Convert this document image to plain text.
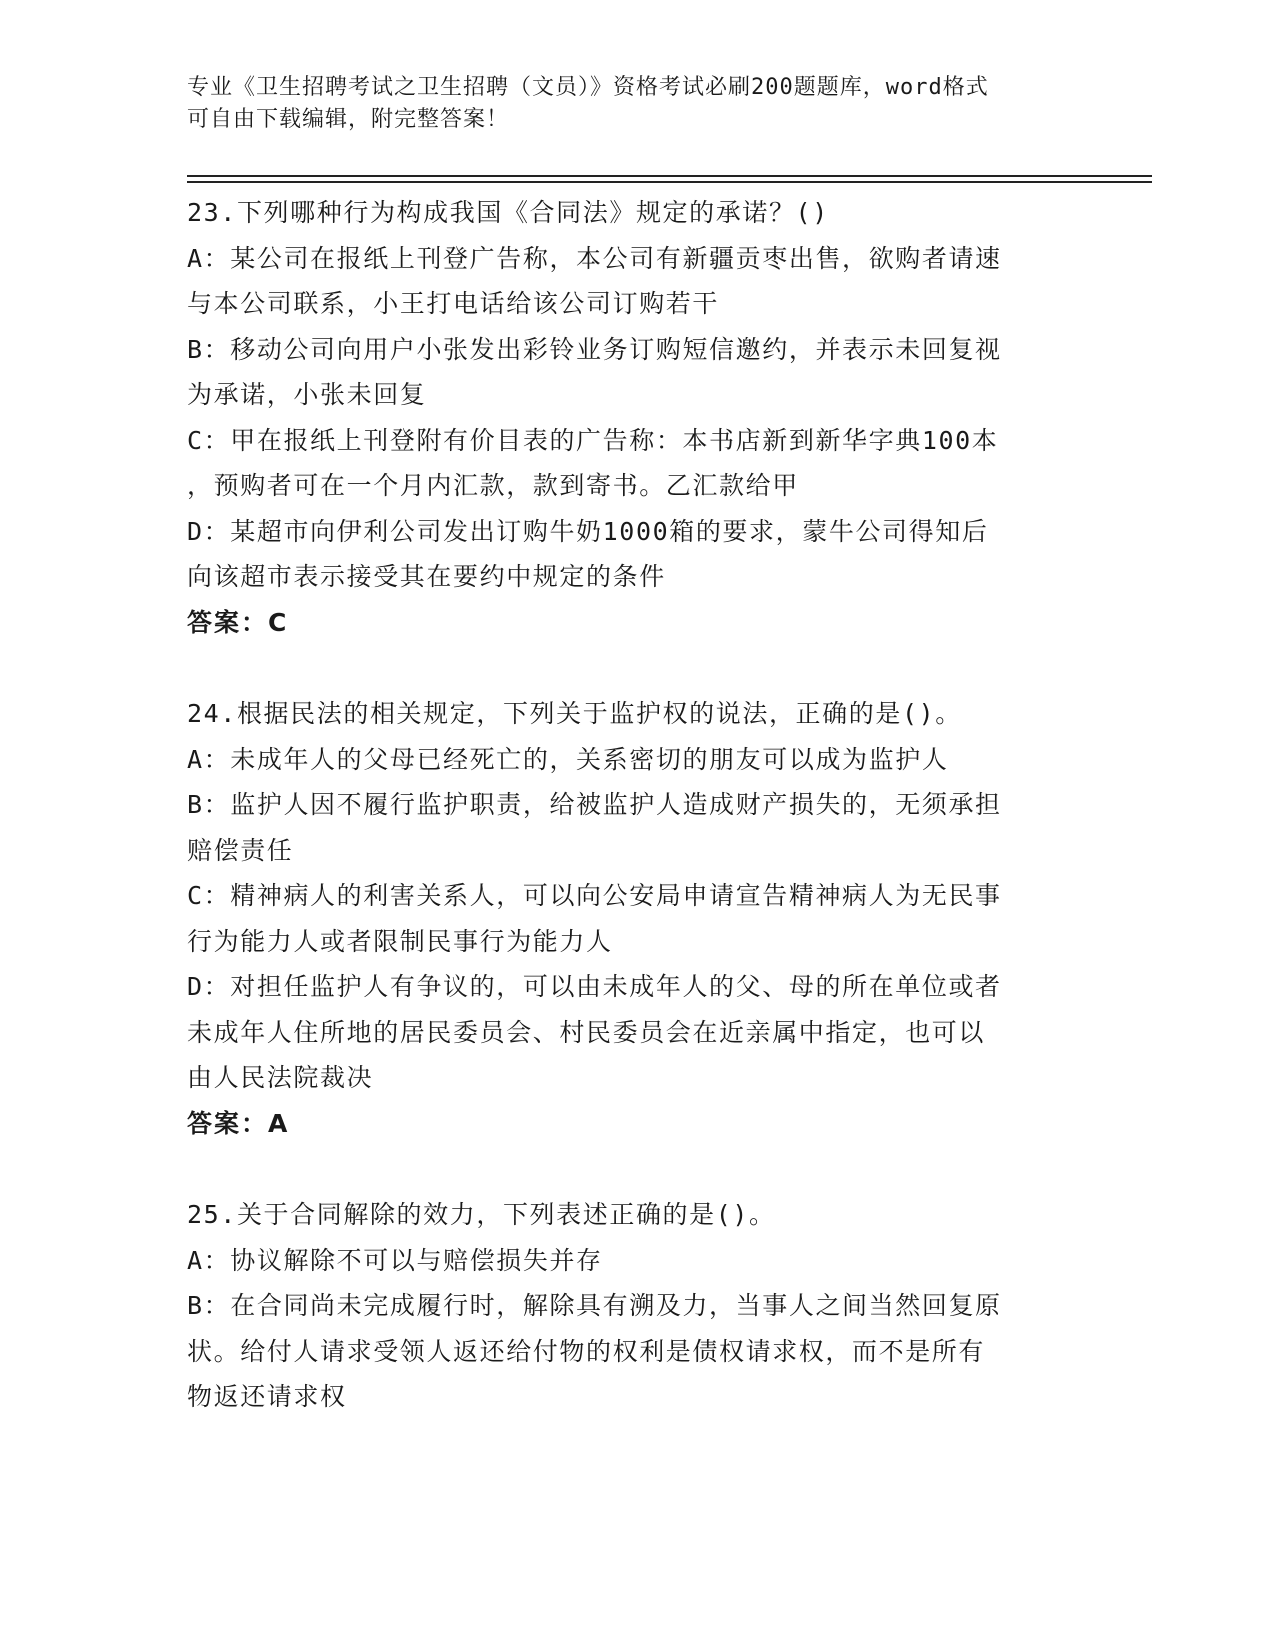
专业《卫生招聘考试之卫生招聘（文员）》资格考试必刷200题题库，word格式
可自由下载编辑，附完整答案！
23.下列哪种行为构成我国《合同法》规定的承诺？()
A：某公司在报纸上刊登广告称，本公司有新疆贡枣出售，欲购者请速
与本公司联系，小王打电话给该公司订购若干
B：移动公司向用户小张发出彩铃业务订购短信邀约，并表示未回复视
为承诺，小张未回复
C：甲在报纸上刊登附有价目表的广告称：本书店新到新华字典100本
，预购者可在一个月内汇款，款到寄书。乙汇款给甲
D：某超市向伊利公司发出订购牛奶1000箱的要求，蒙牛公司得知后
向该超市表示接受其在要约中规定的条件
答案：C
24.根据民法的相关规定，下列关于监护权的说法，正确的是()。
A：未成年人的父母已经死亡的，关系密切的朋友可以成为监护人
B：监护人因不履行监护职责，给被监护人造成财产损失的，无须承担
赔偿责任
C：精神病人的利害关系人，可以向公安局申请宣告精神病人为无民事
行为能力人或者限制民事行为能力人
D：对担任监护人有争议的，可以由未成年人的父、母的所在单位或者
未成年人住所地的居民委员会、村民委员会在近亲属中指定，也可以
由人民法院裁决
答案：A
25.关于合同解除的效力，下列表述正确的是()。
A：协议解除不可以与赔偿损失并存
B：在合同尚未完成履行时，解除具有溯及力，当事人之间当然回复原
状。给付人请求受领人返还给付物的权利是债权请求权，而不是所有
物返还请求权
